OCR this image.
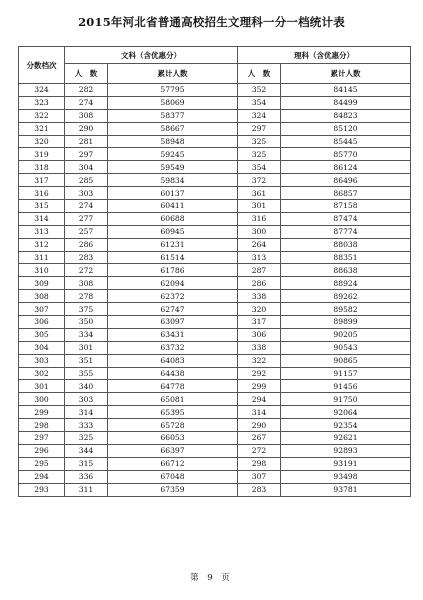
2015年河北省普通高校招生文理科一分一档统计表
分数档次	文科（含优惠分）		理科（含优惠分）	
	人　数	累计人数	人　数	累计人数
324	282	57795	352	84145
323	274	58069	354	84499
322	308	58377	324	84823
321	290	58667	297	85120
320	281	58948	325	85445
319	297	59245	325	85770
318	304	59549	354	86124
317	285	59834	372	86496
316	303	60137	361	86857
315	274	60411	301	87158
314	277	60688	316	87474
313	257	60945	300	87774
312	286	61231	264	88038
311	283	61514	313	88351
310	272	61786	287	88638
309	308	62094	286	88924
308	278	62372	338	89262
307	375	62747	320	89582
306	350	63097	317	89899
305	334	63431	306	90205
304	301	63732	338	90543
303	351	64083	322	90865
302	355	64438	292	91157
301	340	64778	299	91456
300	303	65081	294	91750
299	314	65395	314	92064
298	333	65728	290	92354
297	325	66053	267	92621
296	344	66397	272	92893
295	315	66712	298	93191
294	336	67048	307	93498
293	311	67359	283	93781
第 9 页
